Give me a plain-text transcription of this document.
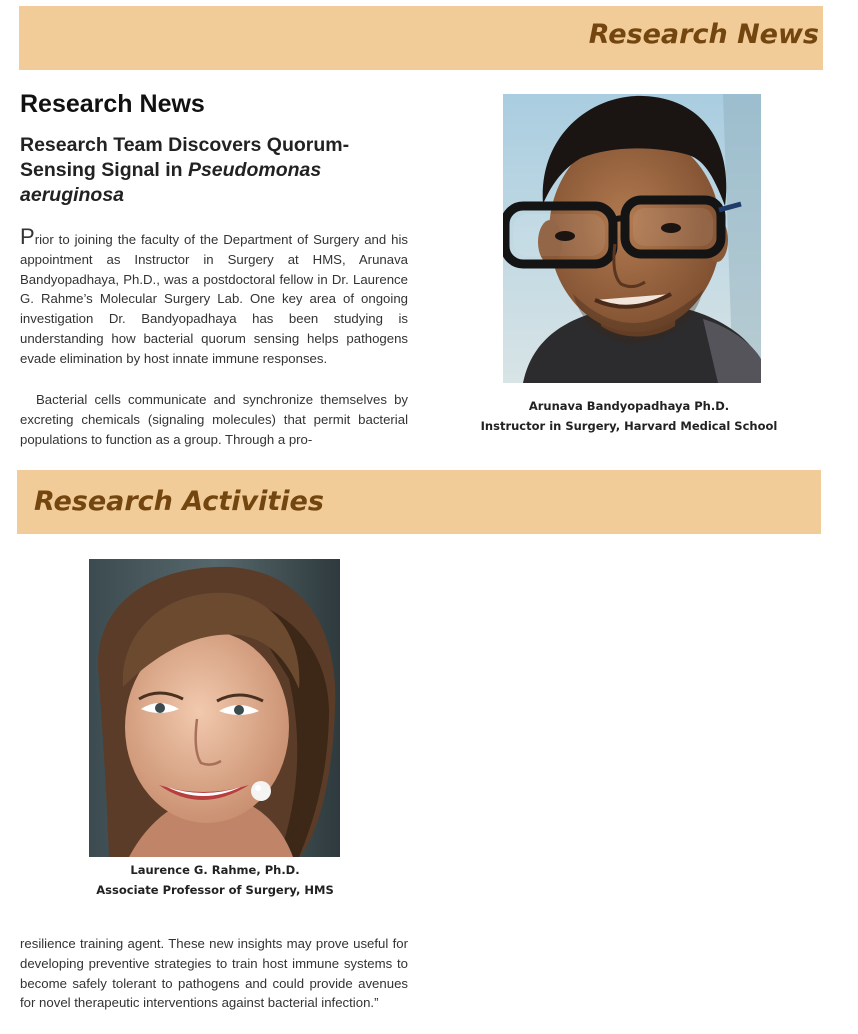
Research News
Research News
Research Team Discovers Quorum-Sensing Signal in Pseudomonas aeruginosa

Prior to joining the faculty of the Department of Surgery and his appointment as Instructor in Surgery at HMS, Arunava Bandyopadhaya, Ph.D., was a postdoctoral fellow in Dr. Laurence G. Rahme’s Molecular Surgery Lab. One key area of ongoing investigation Dr. Bandyopadhaya has been studying is understanding how bacterial quorum sensing helps pathogens evade elimination by host innate immune responses.

Bacterial cells communicate and synchronize themselves by excreting chemicals (signaling molecules) that permit bacterial populations to function as a group. Through a pro-

Arunava Bandyopadhaya Ph.D.
Instructor in Surgery, Harvard Medical School
Research Activities
Laurence G. Rahme, Ph.D.
Associate Professor of Surgery, HMS

resilience training agent. These new insights may prove useful for developing preventive strategies to train host immune systems to become safely tolerant to pathogens and could provide avenues for novel therapeutic interventions against bacterial infection.”
